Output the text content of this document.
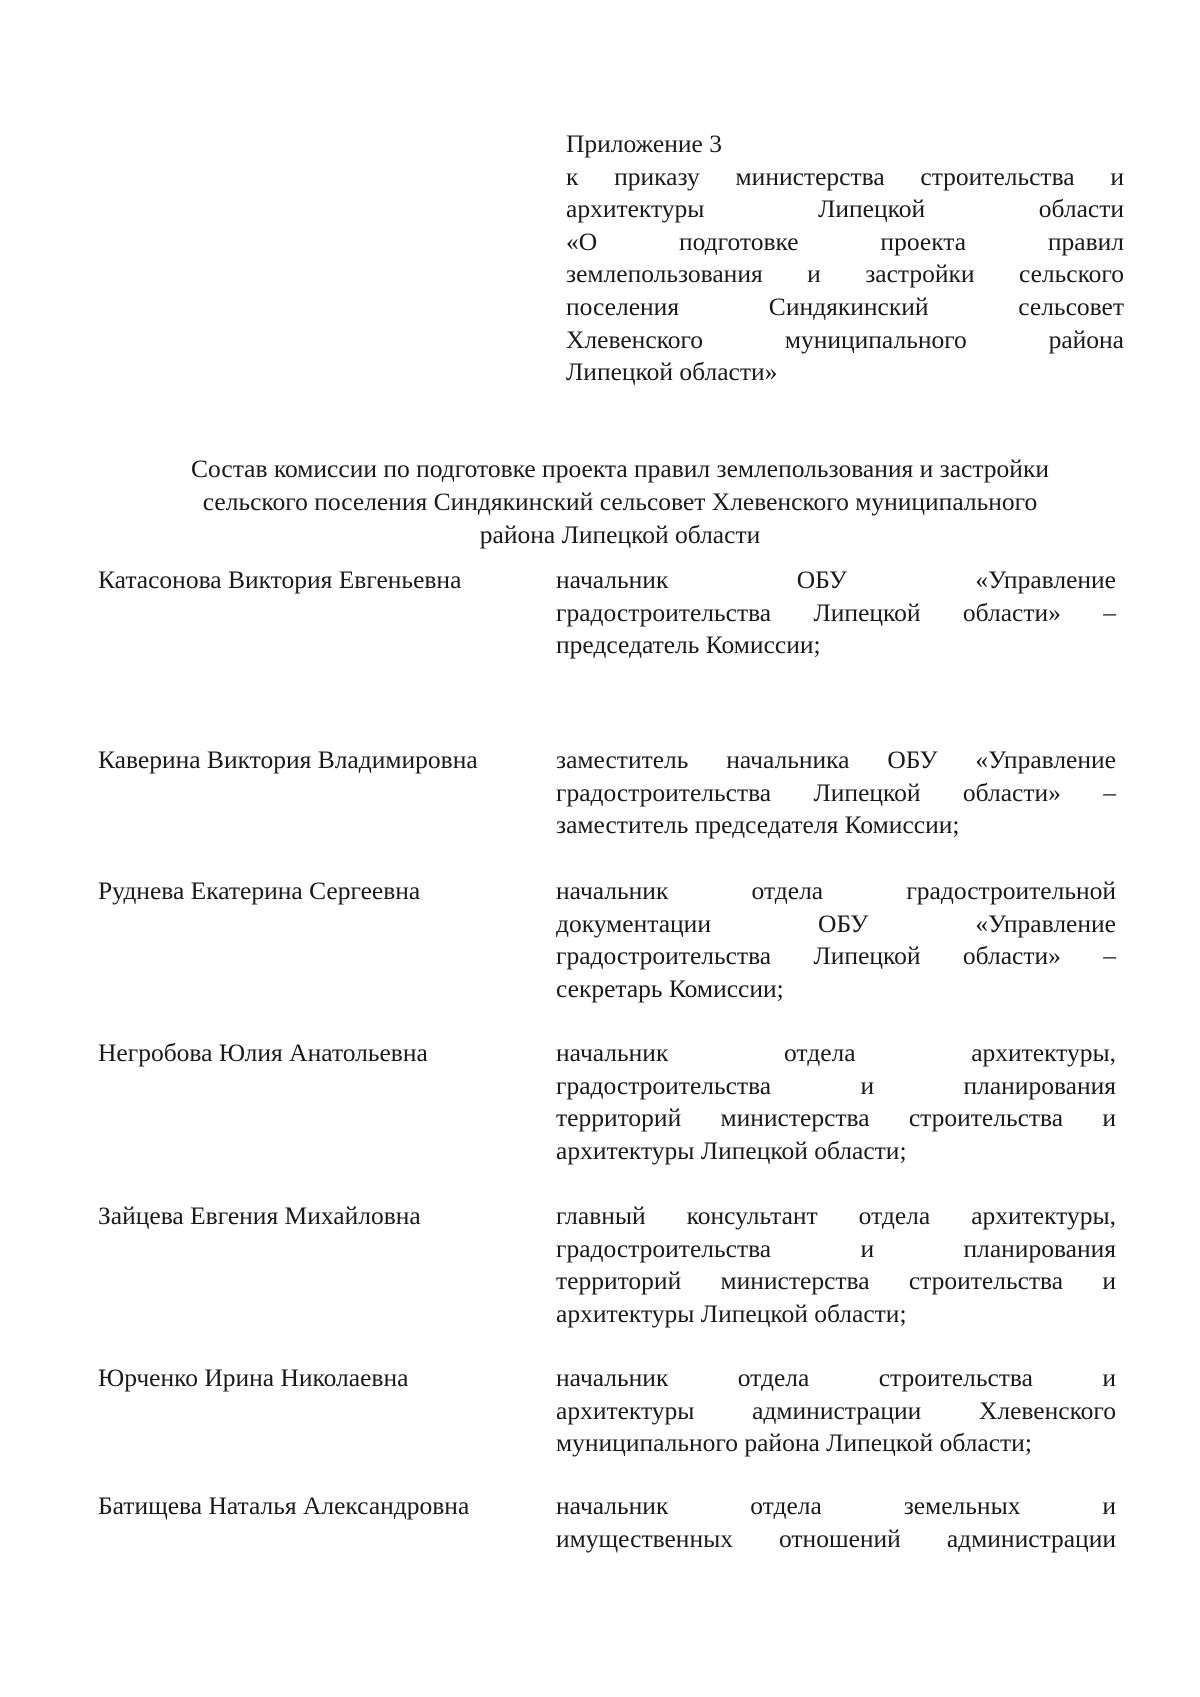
Приложение 3
к приказу министерства строительства и
архитектуры Липецкой области
«О подготовке проекта правил
землепользования и застройки сельского
поселения Синдякинский сельсовет
Хлевенского муниципального района
Липецкой области»
Состав комиссии по подготовке проекта правил землепользования и застройки
сельского поселения Синдякинский сельсовет Хлевенского муниципального
района Липецкой области
Катасонова Виктория Евгеньевна	начальник ОБУ «Управление
градостроительства Липецкой области» –
председатель Комиссии;
Каверина Виктория Владимировна	заместитель начальника ОБУ «Управление
градостроительства Липецкой области» –
заместитель председателя Комиссии;
Руднева Екатерина Сергеевна	начальник отдела градостроительной
документации ОБУ «Управление
градостроительства Липецкой области» –
секретарь Комиссии;
Негробова Юлия Анатольевна	начальник отдела архитектуры,
градостроительства и планирования
территорий министерства строительства и
архитектуры Липецкой области;
Зайцева Евгения Михайловна	главный консультант отдела архитектуры,
градостроительства и планирования
территорий министерства строительства и
архитектуры Липецкой области;
Юрченко Ирина Николаевна	начальник отдела строительства и
архитектуры администрации Хлевенского
муниципального района Липецкой области;
Батищева Наталья Александровна	начальник отдела земельных и
имущественных отношений администрации
